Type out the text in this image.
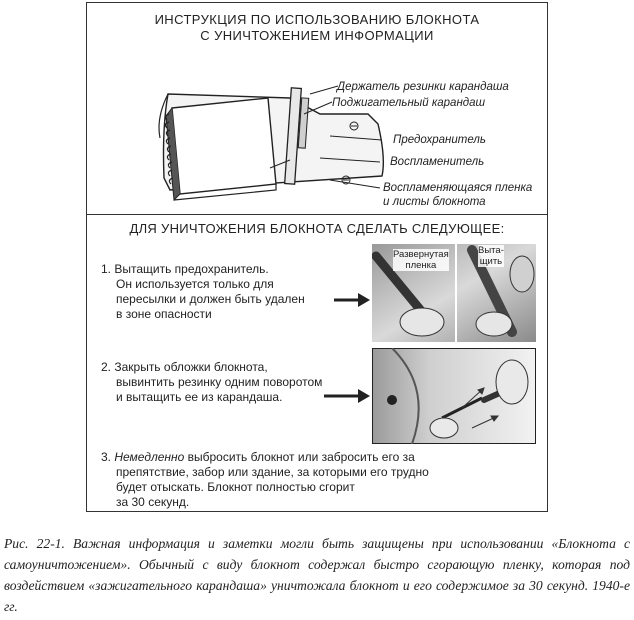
ИНСТРУКЦИЯ ПО ИСПОЛЬЗОВАНИЮ БЛОКНОТА
С УНИЧТОЖЕНИЕМ ИНФОРМАЦИИ
Держатель резинки карандаша
Поджигательный карандаш
Предохранитель
Воспламенитель
Воспламеняющаяся пленка
и листы блокнота
ДЛЯ УНИЧТОЖЕНИЯ БЛОКНОТА СДЕЛАТЬ СЛЕДУЮЩЕЕ:
1. Вытащить предохранитель.
Он используется только для
пересылки и должен быть удален
в зоне опасности
2. Закрыть обложки блокнота,
вывинтить резинку одним поворотом
и вытащить ее из карандаша.
3. Немедленно выбросить блокнот или забросить его за
препятствие, забор или здание, за которыми его трудно
будет отыскать. Блокнот полностью сгорит
за 30 секунд.
Развернутая
пленка
Выта-
щить
Рис. 22-1. Важная информация и заметки могли быть защищены при использовании «Блокнота с самоуничтожением». Обычный с виду блокнот содержал быстро сгорающую пленку, которая под воздействием «зажигательного карандаша» уничтожала блокнот и его содержимое за 30 секунд. 1940-е гг.
